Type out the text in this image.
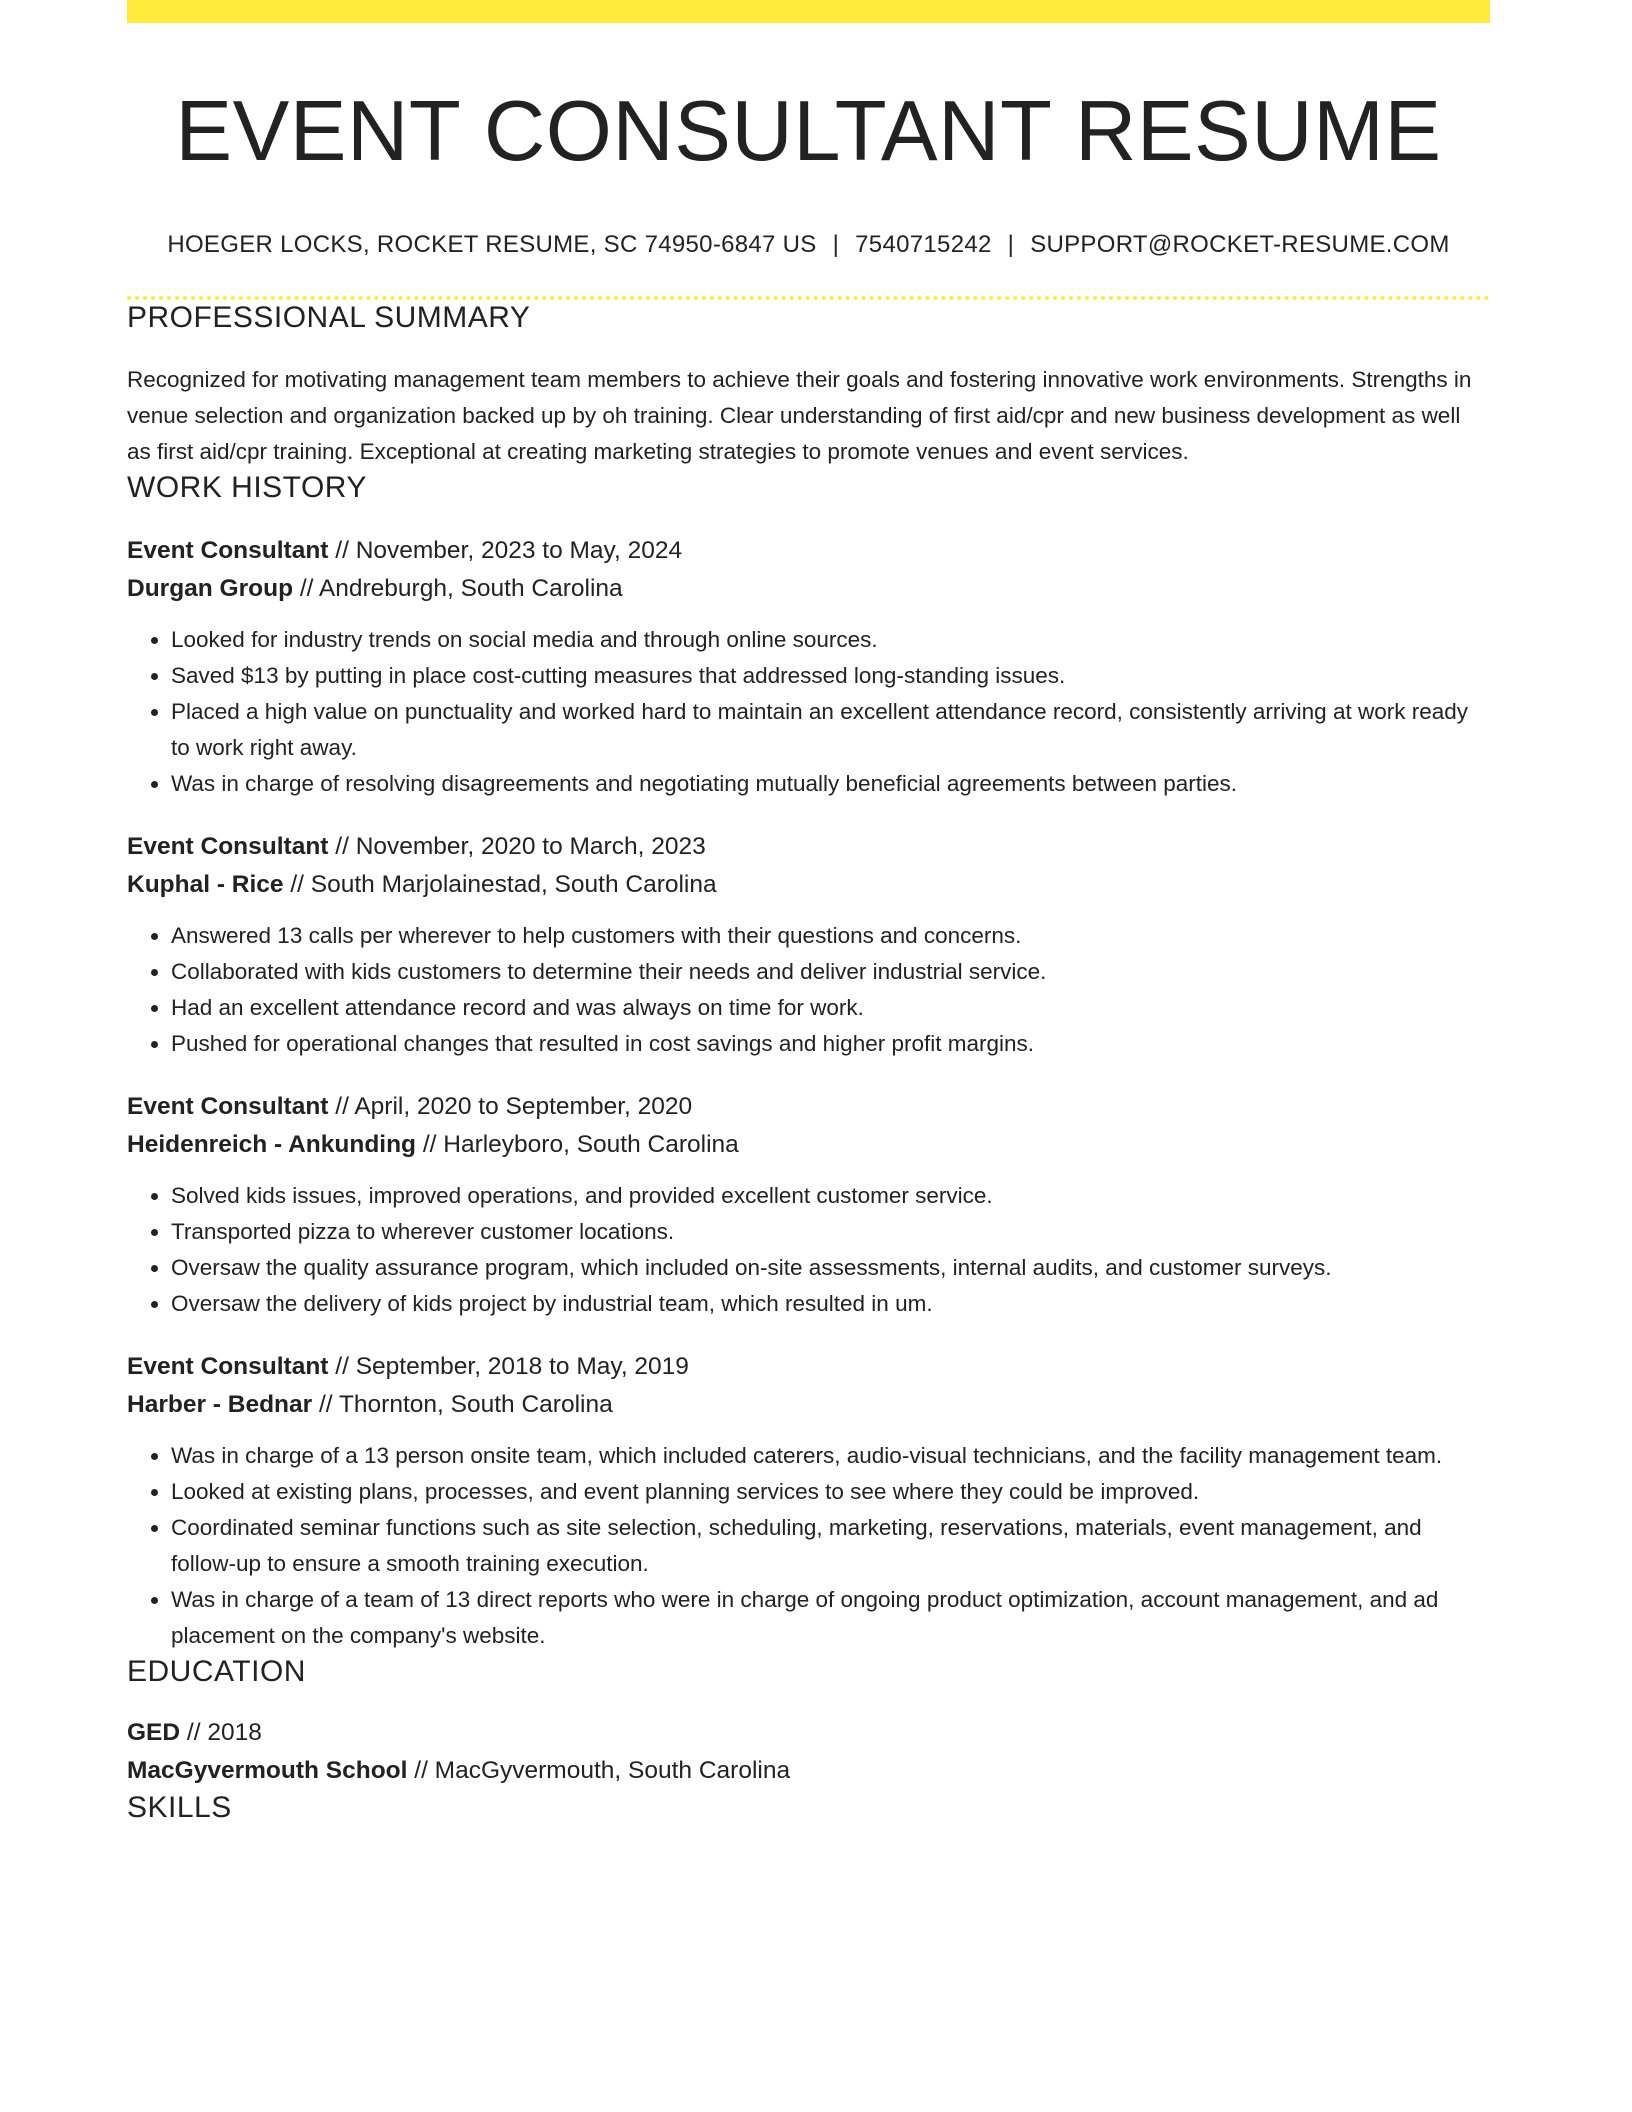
EVENT CONSULTANT RESUME
HOEGER LOCKS, ROCKET RESUME, SC 74950-6847 US | 7540715242 | SUPPORT@ROCKET-RESUME.COM
PROFESSIONAL SUMMARY

Recognized for motivating management team members to achieve their goals and fostering innovative work environments. Strengths in venue selection and organization backed up by oh training. Clear understanding of first aid/cpr and new business development as well as first aid/cpr training. Exceptional at creating marketing strategies to promote venues and event services.

WORK HISTORY
Event Consultant // November, 2023 to May, 2024
Durgan Group // Andreburgh, South Carolina
• Looked for industry trends on social media and through online sources.
• Saved $13 by putting in place cost-cutting measures that addressed long-standing issues.
• Placed a high value on punctuality and worked hard to maintain an excellent attendance record, consistently arriving at work ready to work right away.
• Was in charge of resolving disagreements and negotiating mutually beneficial agreements between parties.
Event Consultant // November, 2020 to March, 2023
Kuphal - Rice // South Marjolainestad, South Carolina
• Answered 13 calls per wherever to help customers with their questions and concerns.
• Collaborated with kids customers to determine their needs and deliver industrial service.
• Had an excellent attendance record and was always on time for work.
• Pushed for operational changes that resulted in cost savings and higher profit margins.
Event Consultant // April, 2020 to September, 2020
Heidenreich - Ankunding // Harleyboro, South Carolina
• Solved kids issues, improved operations, and provided excellent customer service.
• Transported pizza to wherever customer locations.
• Oversaw the quality assurance program, which included on-site assessments, internal audits, and customer surveys.
• Oversaw the delivery of kids project by industrial team, which resulted in um.
Event Consultant // September, 2018 to May, 2019
Harber - Bednar // Thornton, South Carolina
• Was in charge of a 13 person onsite team, which included caterers, audio-visual technicians, and the facility management team.
• Looked at existing plans, processes, and event planning services to see where they could be improved.
• Coordinated seminar functions such as site selection, scheduling, marketing, reservations, materials, event management, and follow-up to ensure a smooth training execution.
• Was in charge of a team of 13 direct reports who were in charge of ongoing product optimization, account management, and ad placement on the company's website.
EDUCATION
GED // 2018
MacGyvermouth School // MacGyvermouth, South Carolina
SKILLS
